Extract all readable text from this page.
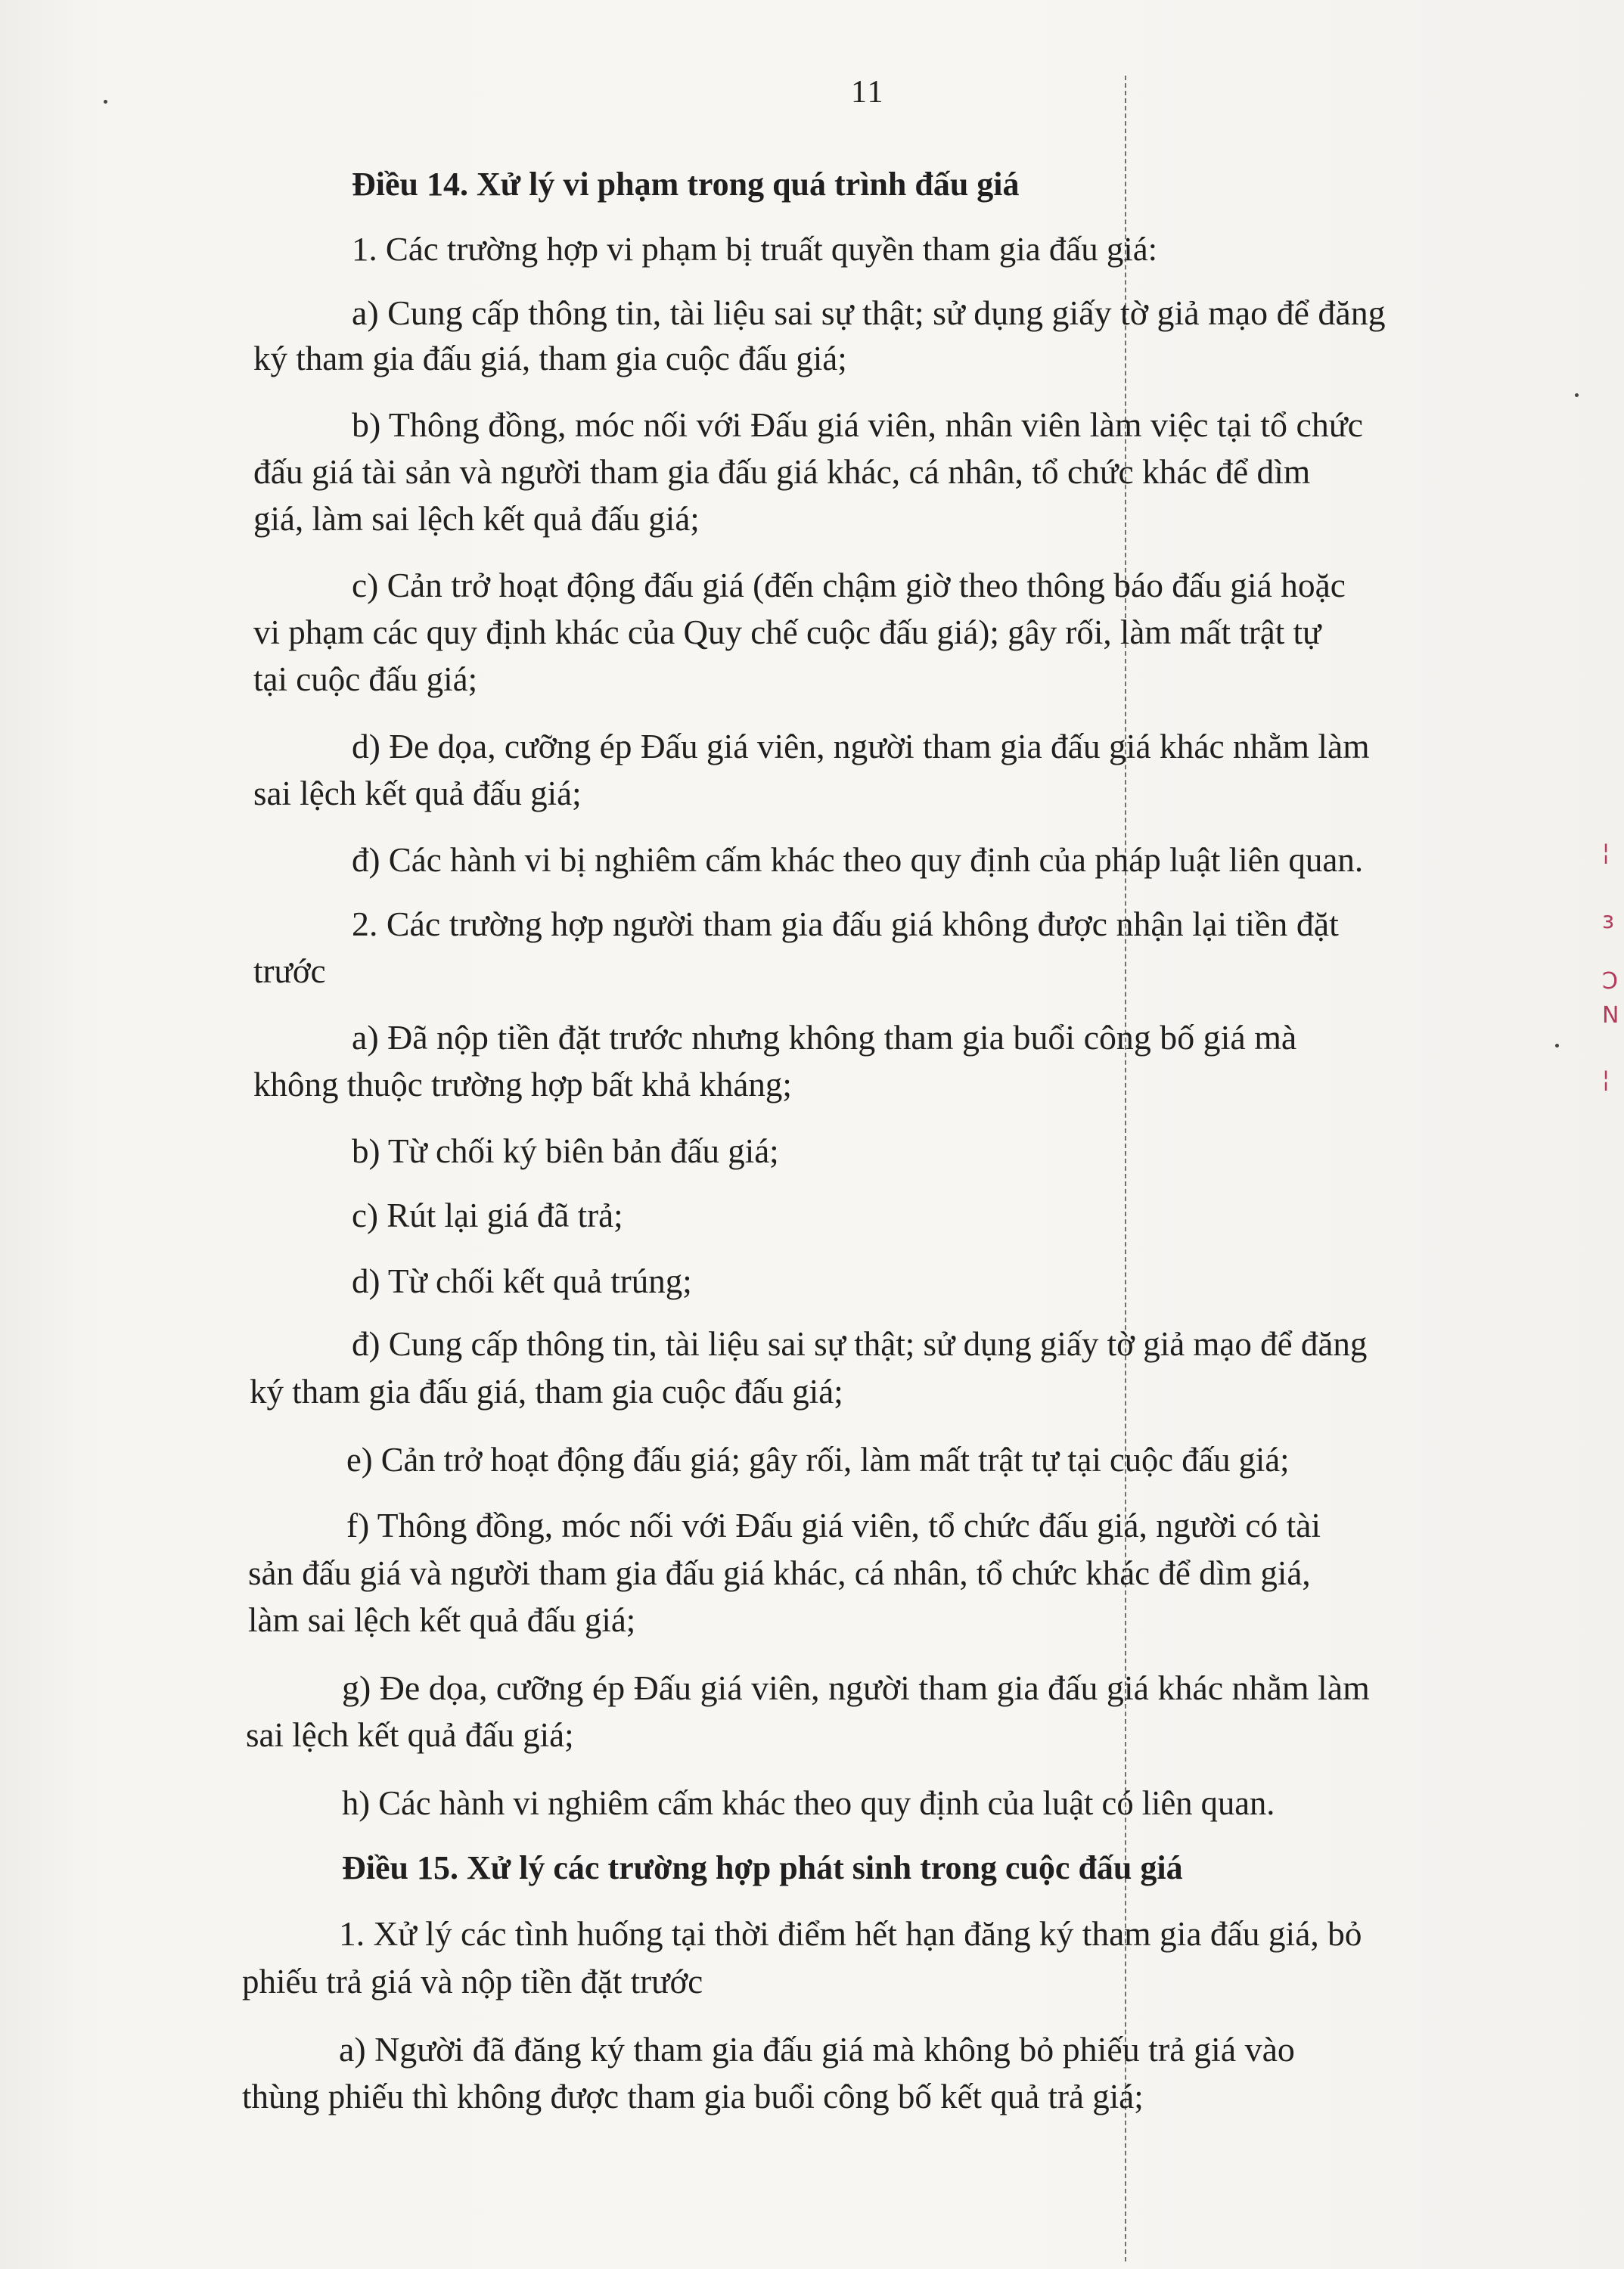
¦
ɜ
Ɔ
Ν
¦
11
Điều 14. Xử lý vi phạm trong quá trình đấu giá
1. Các trường hợp vi phạm bị truất quyền tham gia đấu giá:
a) Cung cấp thông tin, tài liệu sai sự thật; sử dụng giấy tờ giả mạo để đăng
ký tham gia đấu giá, tham gia cuộc đấu giá;
b) Thông đồng, móc nối với Đấu giá viên, nhân viên làm việc tại tổ chức
đấu giá tài sản và người tham gia đấu giá khác, cá nhân, tổ chức khác để dìm
giá, làm sai lệch kết quả đấu giá;
c) Cản trở hoạt động đấu giá (đến chậm giờ theo thông báo đấu giá hoặc
vi phạm các quy định khác của Quy chế cuộc đấu giá); gây rối, làm mất trật tự
tại cuộc đấu giá;
d) Đe dọa, cưỡng ép Đấu giá viên, người tham gia đấu giá khác nhằm làm
sai lệch kết quả đấu giá;
đ) Các hành vi bị nghiêm cấm khác theo quy định của pháp luật liên quan.
2. Các trường hợp người tham gia đấu giá không được nhận lại tiền đặt
trước
a) Đã nộp tiền đặt trước nhưng không tham gia buổi công bố giá mà
không thuộc trường hợp bất khả kháng;
b) Từ chối ký biên bản đấu giá;
c) Rút lại giá đã trả;
d) Từ chối kết quả trúng;
đ) Cung cấp thông tin, tài liệu sai sự thật; sử dụng giấy tờ giả mạo để đăng
ký tham gia đấu giá, tham gia cuộc đấu giá;
e) Cản trở hoạt động đấu giá; gây rối, làm mất trật tự tại cuộc đấu giá;
f) Thông đồng, móc nối với Đấu giá viên, tổ chức đấu giá, người có tài
sản đấu giá và người tham gia đấu giá khác, cá nhân, tổ chức khác để dìm giá,
làm sai lệch kết quả đấu giá;
g) Đe dọa, cưỡng ép Đấu giá viên, người tham gia đấu giá khác nhằm làm
sai lệch kết quả đấu giá;
h) Các hành vi nghiêm cấm khác theo quy định của luật có liên quan.
Điều 15. Xử lý các trường hợp phát sinh trong cuộc đấu giá
1. Xử lý các tình huống tại thời điểm hết hạn đăng ký tham gia đấu giá, bỏ
phiếu trả giá và nộp tiền đặt trước
a) Người đã đăng ký tham gia đấu giá mà không bỏ phiếu trả giá vào
thùng phiếu thì không được tham gia buổi công bố kết quả trả giá;
